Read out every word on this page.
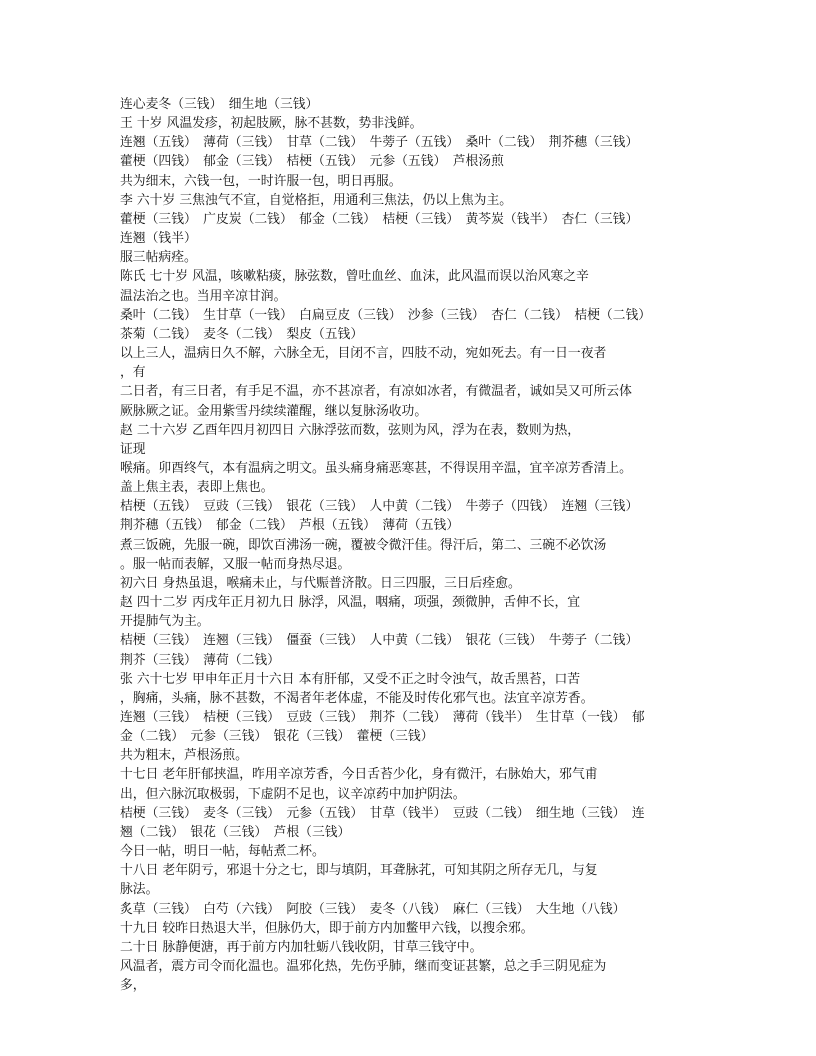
连心麦冬（三钱）　细生地（三钱）
王 十岁 风温发疹，初起肢厥，脉不甚数，势非浅鲜。
连翘（五钱）　薄荷（三钱）　甘草（二钱）　牛蒡子（五钱）　桑叶（二钱）　荆芥穗（三钱）
藿梗（四钱）　郁金（三钱）　桔梗（五钱）　元参（五钱）　芦根汤煎
共为细末，六钱一包，一时许服一包，明日再服。
李 六十岁 三焦浊气不宣，自觉格拒，用通利三焦法，仍以上焦为主。
藿梗（三钱）　广皮炭（二钱）　郁金（二钱）　桔梗（三钱）　黄芩炭（钱半）　杏仁（三钱）
连翘（钱半）
服三帖病痊。
陈氏 七十岁 风温，咳嗽粘痰，脉弦数，曾吐血丝、血沫，此风温而误以治风寒之辛
温法治之也。当用辛凉甘润。
桑叶（二钱）　生甘草（一钱）　白扁豆皮（三钱）　沙参（三钱）　杏仁（二钱）　桔梗（二钱）
茶菊（二钱）　麦冬（二钱）　梨皮（五钱）
以上三人，温病日久不解，六脉全无，目闭不言，四肢不动，宛如死去。有一日一夜者
，有
二日者，有三日者，有手足不温，亦不甚凉者，有凉如冰者，有微温者，诚如吴又可所云体
厥脉厥之证。金用紫雪丹续续灌醒，继以复脉汤收功。
赵 二十六岁 乙酉年四月初四日 六脉浮弦而数，弦则为风，浮为在表，数则为热，
证现
喉痛。卯酉终气，本有温病之明文。虽头痛身痛恶寒甚，不得误用辛温，宜辛凉芳香清上。
盖上焦主表，表即上焦也。
桔梗（五钱）　豆豉（三钱）　银花（三钱）　人中黄（二钱）　牛蒡子（四钱）　连翘（三钱）
荆芥穗（五钱）　郁金（二钱）　芦根（五钱）　薄荷（五钱）
煮三饭碗，先服一碗，即饮百沸汤一碗，覆被令微汗佳。得汗后，第二、三碗不必饮汤
。服一帖而表解，又服一帖而身热尽退。
初六日 身热虽退，喉痛未止，与代赈普济散。日三四服，三日后痊愈。
赵 四十二岁 丙戌年正月初九日 脉浮，风温，咽痛，项强，颈微肿，舌伸不长，宜
开提肺气为主。
桔梗（三钱）　连翘（三钱）　僵蚕（三钱）　人中黄（二钱）　银花（三钱）　牛蒡子（二钱）
荆芥（三钱）　薄荷（二钱）
张 六十七岁 甲申年正月十六日 本有肝郁，又受不正之时令浊气，故舌黑苔，口苦
，胸痛，头痛，脉不甚数，不渴者年老体虚，不能及时传化邪气也。法宜辛凉芳香。
连翘（三钱）　桔梗（三钱）　豆豉（三钱）　荆芥（二钱）　薄荷（钱半）　生甘草（一钱）　郁
金（二钱）　元参（三钱）　银花（三钱）　藿梗（三钱）
共为粗末，芦根汤煎。
十七日 老年肝郁挟温，昨用辛凉芳香，今日舌苔少化，身有微汗，右脉始大，邪气甫
出，但六脉沉取极弱，下虚阴不足也，议辛凉药中加护阴法。
桔梗（三钱）　麦冬（三钱）　元参（五钱）　甘草（钱半）　豆豉（二钱）　细生地（三钱）　连
翘（二钱）　银花（三钱）　芦根（三钱）
今日一帖，明日一帖，每帖煮二杯。
十八日 老年阴亏，邪退十分之七，即与填阴，耳聋脉芤，可知其阴之所存无几，与复
脉法。
炙草（三钱）　白芍（六钱）　阿胶（三钱）　麦冬（八钱）　麻仁（三钱）　大生地（八钱）
十九日 较昨日热退大半，但脉仍大，即于前方内加鳖甲六钱，以搜余邪。
二十日 脉静便溏，再于前方内加牡蛎八钱收阴，甘草三钱守中。
风温者，震方司令而化温也。温邪化热，先伤乎肺，继而变证甚繁，总之手三阴见症为
多，
